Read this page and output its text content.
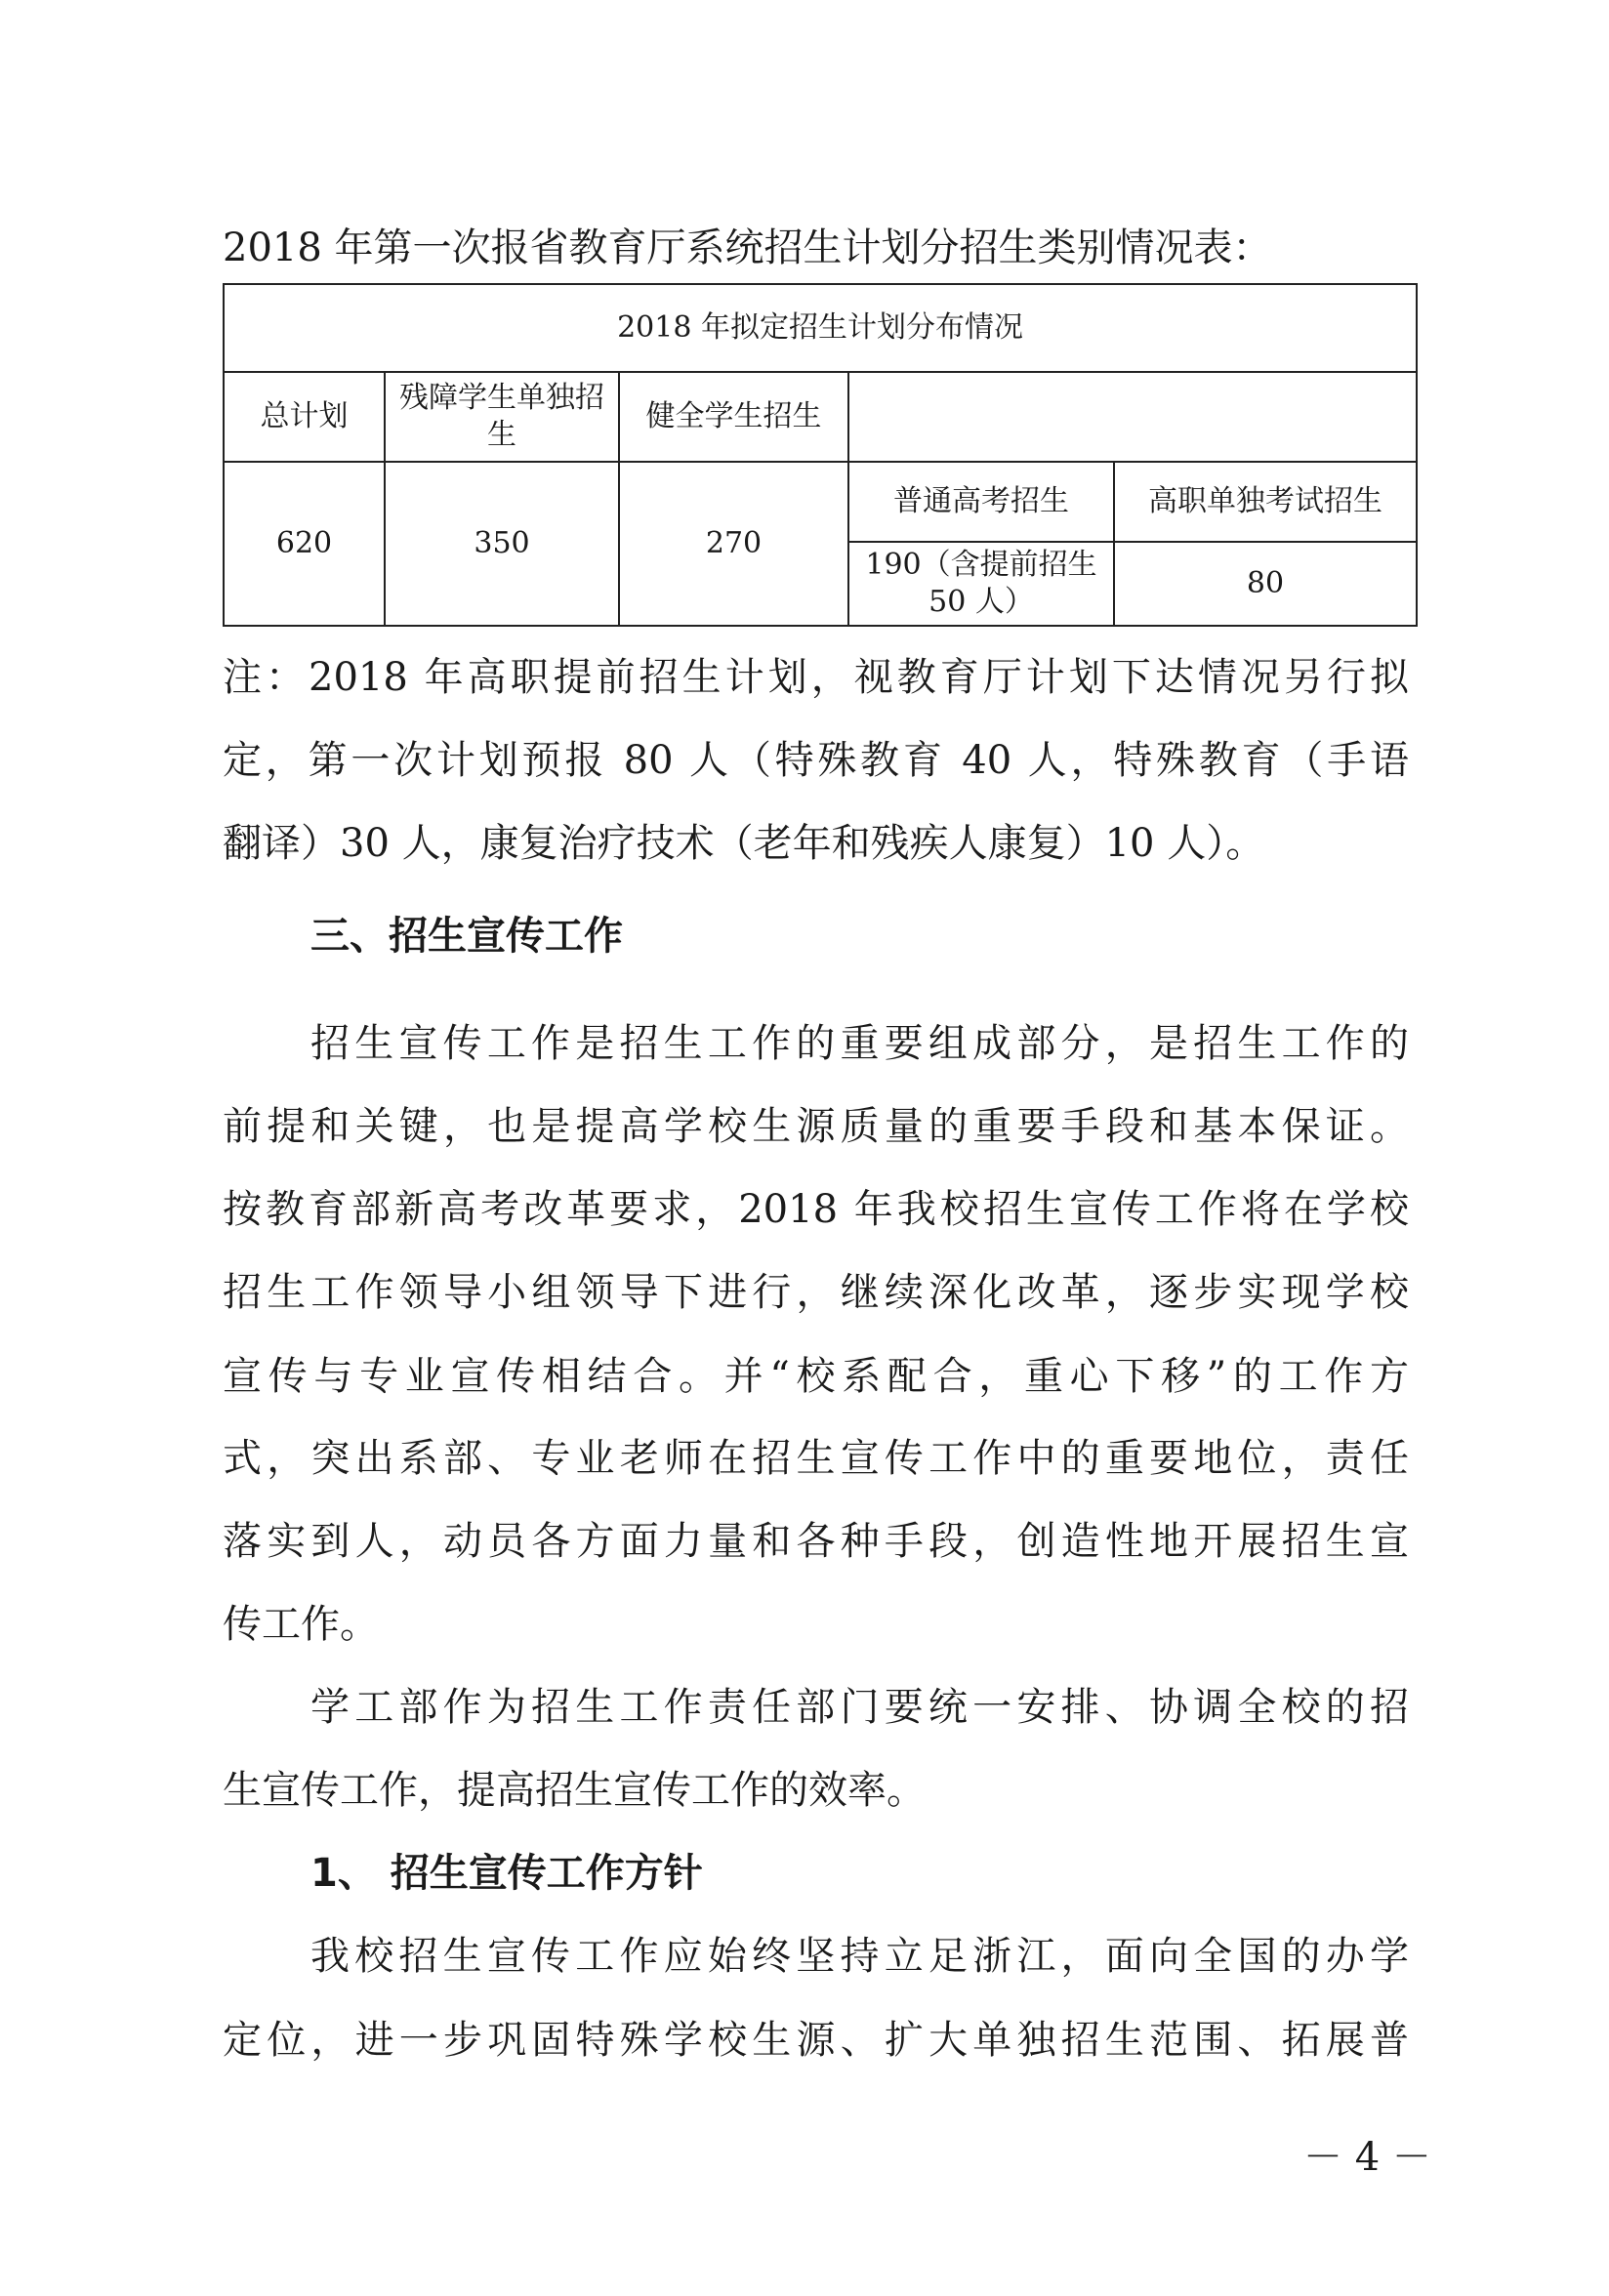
2018 年第一次报省教育厅系统招生计划分招生类别情况表：
2018 年拟定招生计划分布情况				
总计划	残障学生单独招生	健全学生招生		
620	350	270	普通高考招生	高职单独考试招生
			190（含提前招生 50 人）	80
注：2018 年高职提前招生计划，视教育厅计划下达情况另行拟
定，第一次计划预报 80 人（特殊教育 40 人，特殊教育（手语
翻译）30 人，康复治疗技术（老年和残疾人康复）10 人）。
三、招生宣传工作
招生宣传工作是招生工作的重要组成部分，是招生工作的
前提和关键，也是提高学校生源质量的重要手段和基本保证。
按教育部新高考改革要求，2018 年我校招生宣传工作将在学校
招生工作领导小组领导下进行，继续深化改革，逐步实现学校
宣传与专业宣传相结合。并“校系配合，重心下移”的工作方
式，突出系部、专业老师在招生宣传工作中的重要地位，责任
落实到人，动员各方面力量和各种手段，创造性地开展招生宣
传工作。
学工部作为招生工作责任部门要统一安排、协调全校的招
生宣传工作，提高招生宣传工作的效率。
1、 招生宣传工作方针
我校招生宣传工作应始终坚持立足浙江，面向全国的办学
定位，进一步巩固特殊学校生源、扩大单独招生范围、拓展普
－ 4 －
